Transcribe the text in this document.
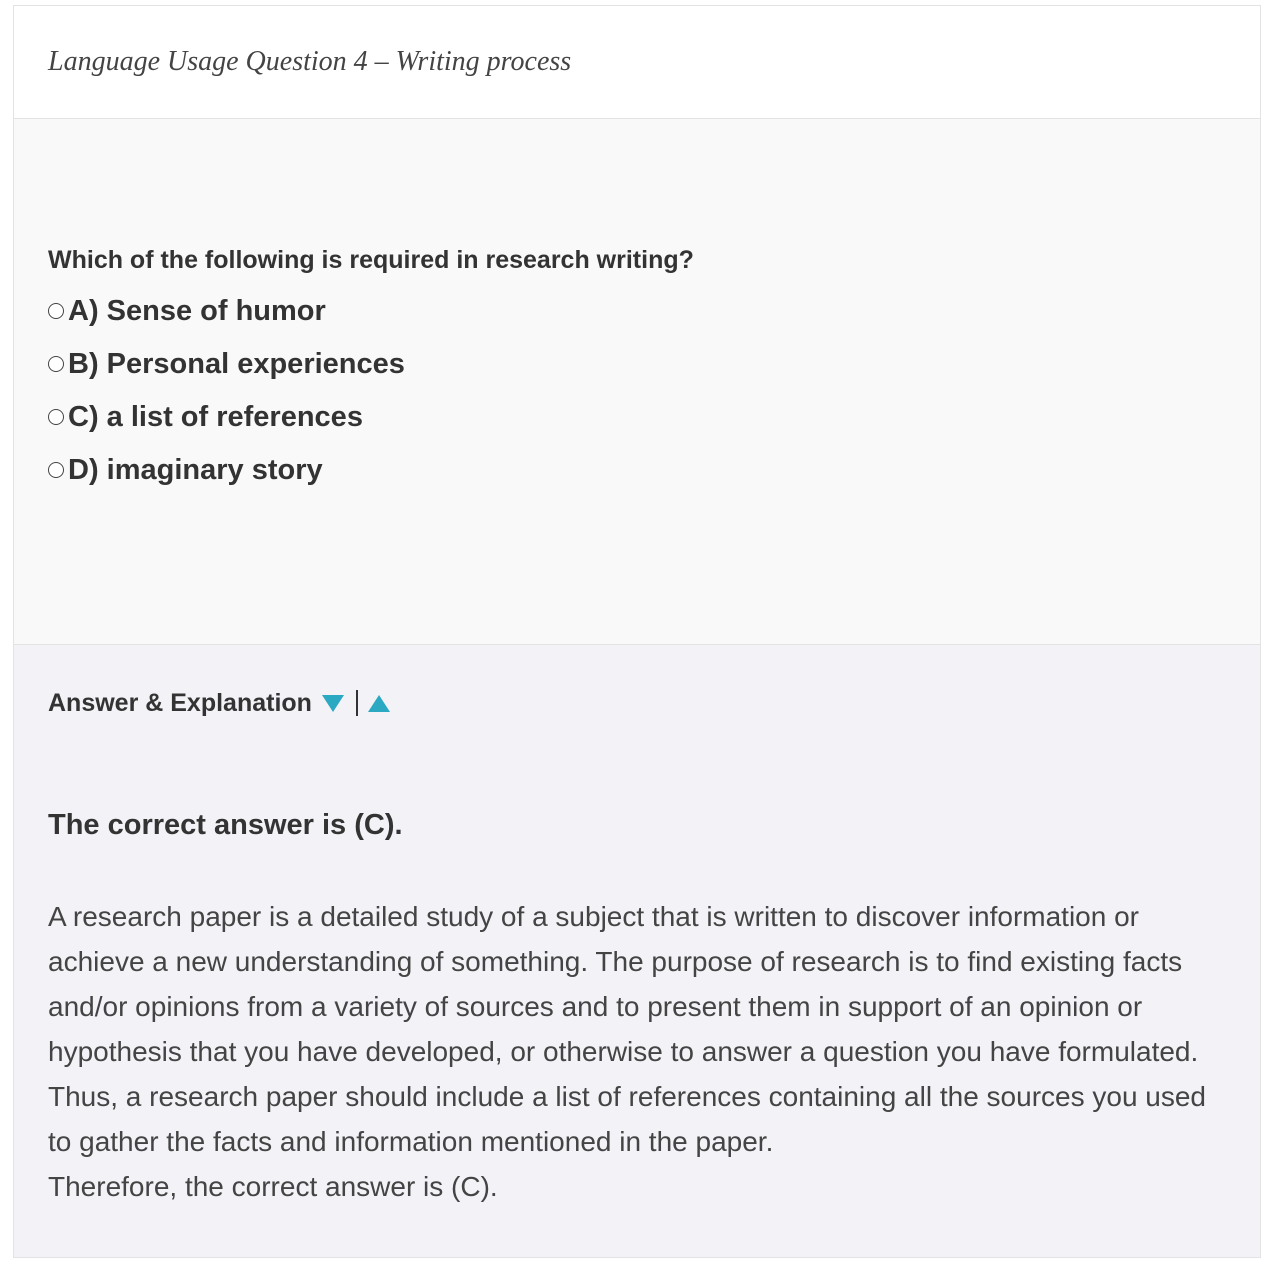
Language Usage Question 4 – Writing process
Which of the following is required in research writing?
A) Sense of humor
B) Personal experiences
C) a list of references
D) imaginary story
Answer & Explanation
The correct answer is (C).

A research paper is a detailed study of a subject that is written to discover information or achieve a new understanding of something. The purpose of research is to find existing facts and/or opinions from a variety of sources and to present them in support of an opinion or hypothesis that you have developed, or otherwise to answer a question you have formulated. Thus, a research paper should include a list of references containing all the sources you used to gather the facts and information mentioned in the paper.

Therefore, the correct answer is (C).
